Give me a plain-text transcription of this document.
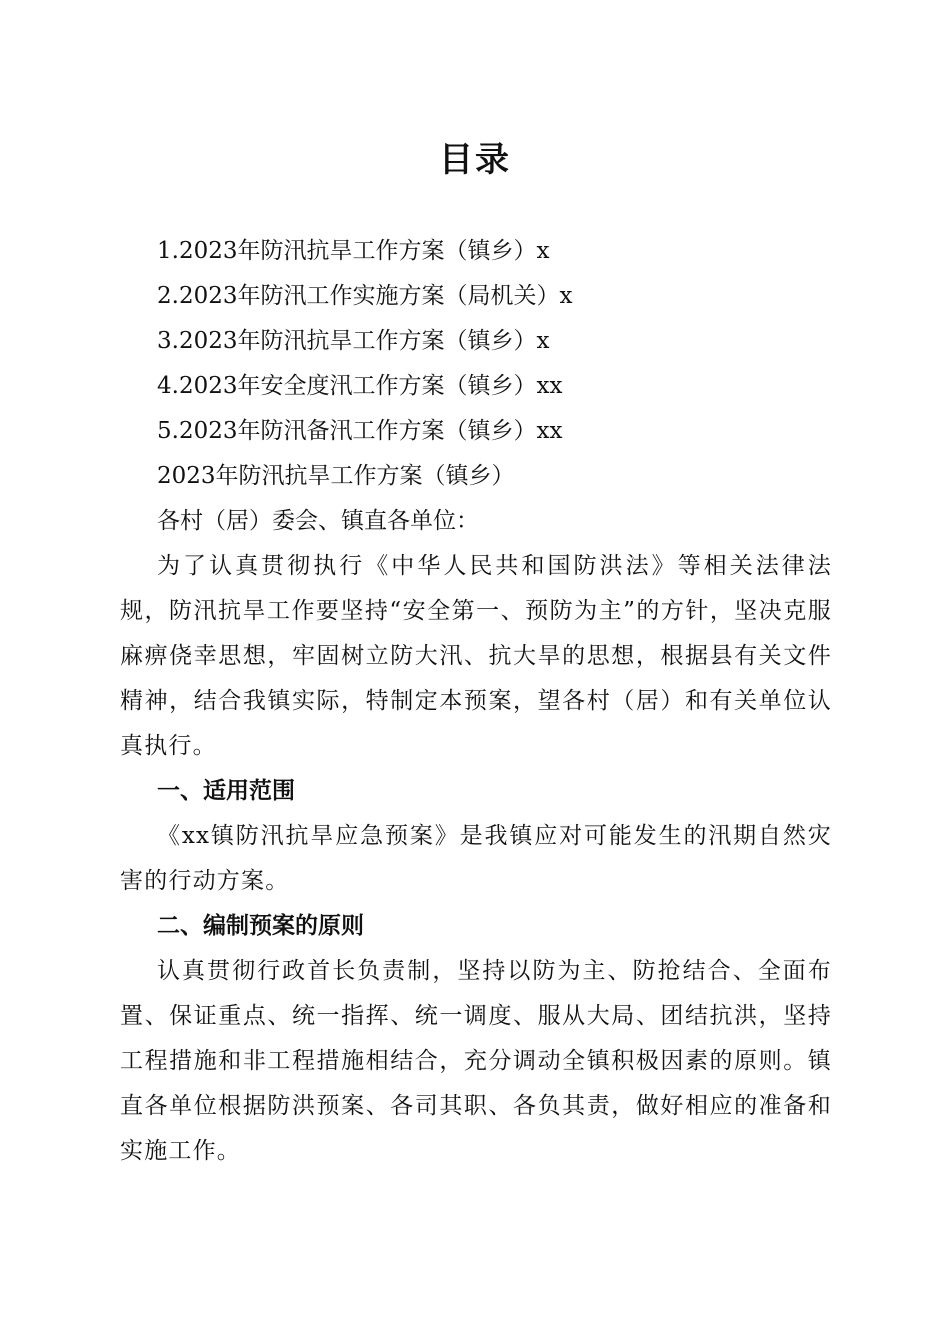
目录

1.2023年防汛抗旱工作方案（镇乡）x

2.2023年防汛工作实施方案（局机关）x

3.2023年防汛抗旱工作方案（镇乡）x

4.2023年安全度汛工作方案（镇乡）xx

5.2023年防汛备汛工作方案（镇乡）xx

2023年防汛抗旱工作方案（镇乡）

各村（居）委会、镇直各单位：

为了认真贯彻执行《中华人民共和国防洪法》等相关法律法规，防汛抗旱工作要坚持“安全第一、预防为主”的方针，坚决克服麻痹侥幸思想，牢固树立防大汛、抗大旱的思想，根据县有关文件精神，结合我镇实际，特制定本预案，望各村（居）和有关单位认真执行。

一、适用范围

《xx镇防汛抗旱应急预案》是我镇应对可能发生的汛期自然灾害的行动方案。

二、编制预案的原则

认真贯彻行政首长负责制，坚持以防为主、防抢结合、全面布置、保证重点、统一指挥、统一调度、服从大局、团结抗洪，坚持工程措施和非工程措施相结合，充分调动全镇积极因素的原则。镇直各单位根据防洪预案、各司其职、各负其责，做好相应的准备和实施工作。
